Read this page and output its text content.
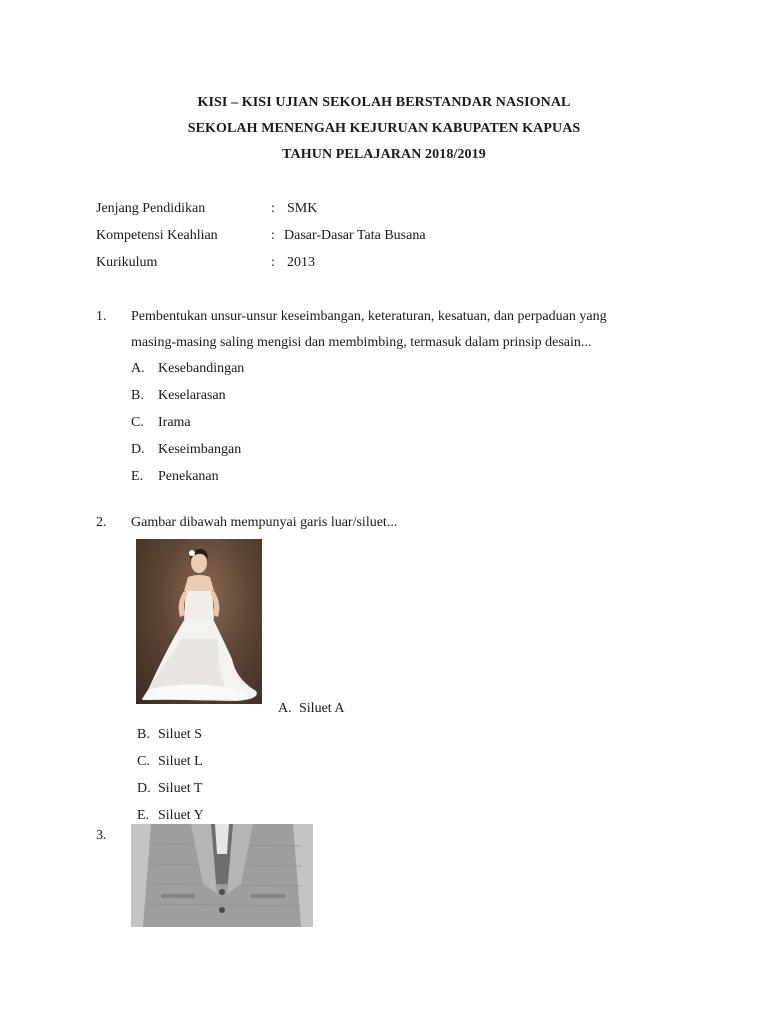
KISI – KISI UJIAN SEKOLAH BERSTANDAR NASIONAL
SEKOLAH MENENGAH KEJURUAN KABUPATEN KAPUAS
TAHUN PELAJARAN 2018/2019
Jenjang Pendidikan	: SMK
Kompetensi Keahlian	: Dasar-Dasar Tata Busana
Kurikulum	: 2013
1. Pembentukan unsur-unsur keseimbangan, keteraturan, kesatuan, dan perpaduan yang
masing-masing saling mengisi dan membimbing, termasuk dalam prinsip desain...
A. Kesebandingan
B. Keselarasan
C. Irama
D. Keseimbangan
E. Penekanan
2. Gambar dibawah mempunyai garis luar/siluet...
A. Siluet A
B. Siluet S
C. Siluet L
D. Siluet T
E. Siluet Y
3.
